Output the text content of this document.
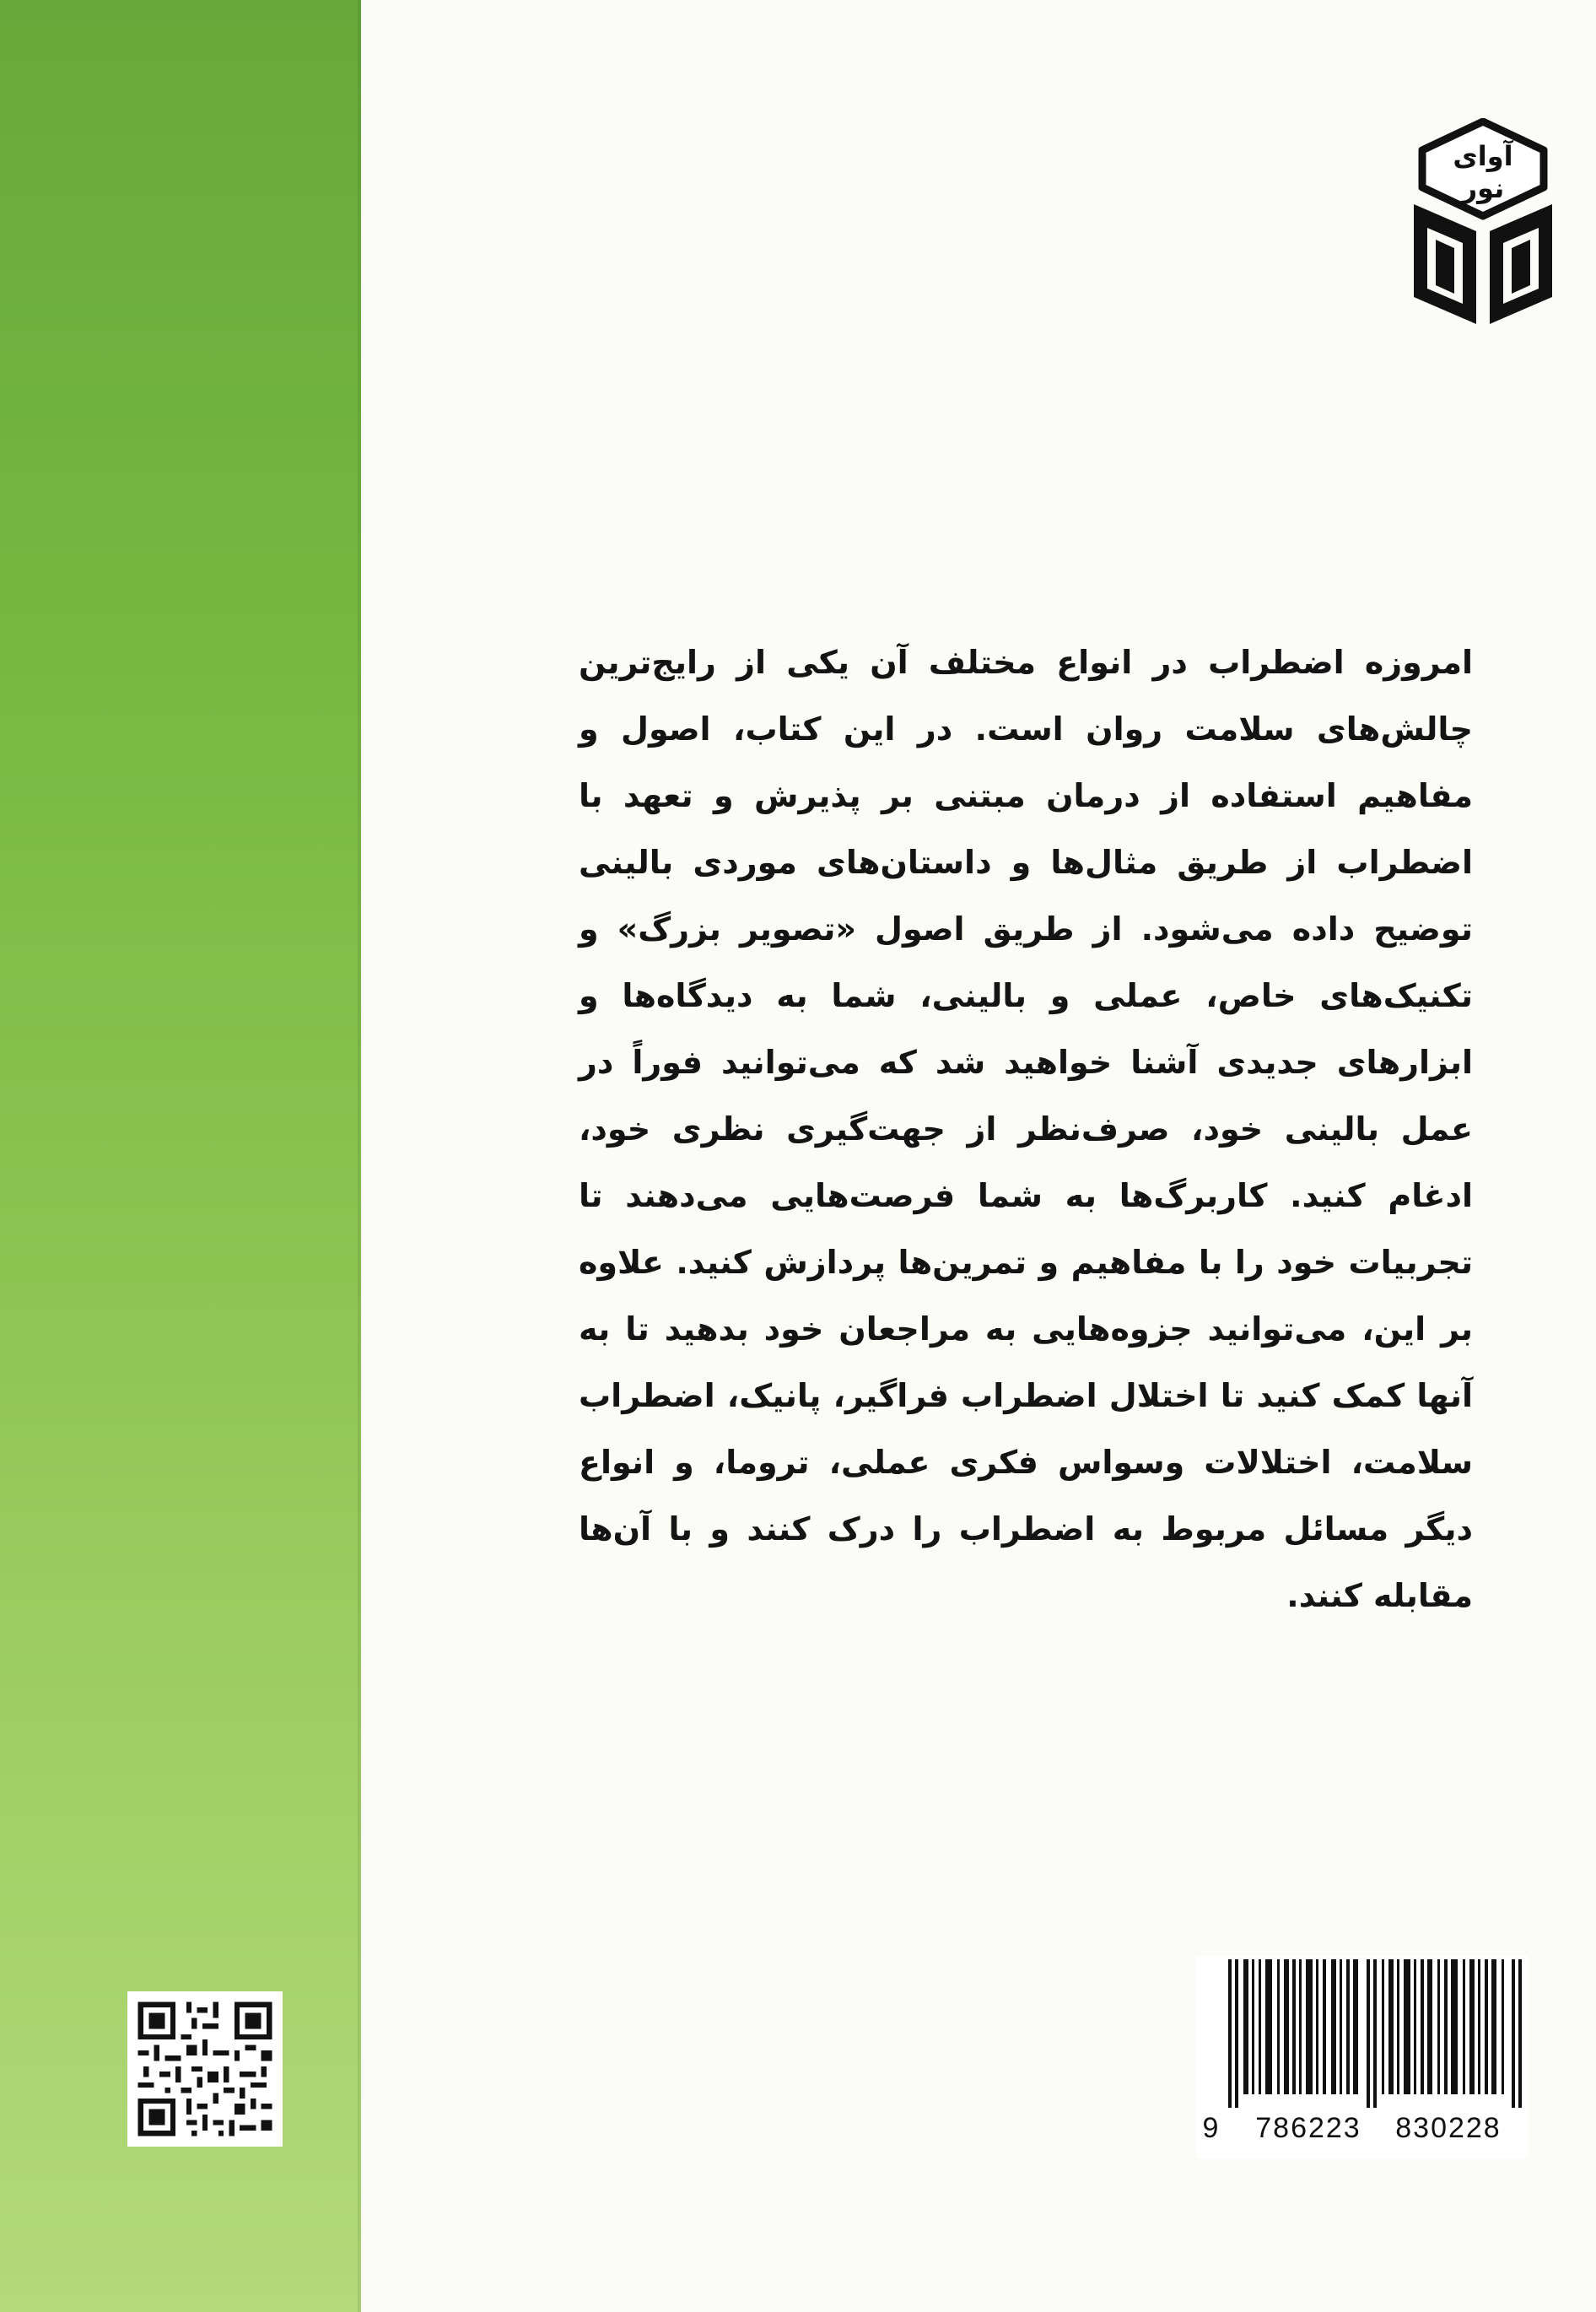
آوای
نور

امروزه اضطراب در انواع مختلف آن یکی از رایج‌ترین چالش‌های سلامت روان است. در این کتاب، اصول و مفاهیم استفاده از درمان مبتنی بر پذیرش و تعهد با اضطراب از طریق مثال‌ها و داستان‌های موردی بالینی توضیح داده می‌شود. از طریق اصول «تصویر بزرگ» و تکنیک‌های خاص، عملی و بالینی، شما به دیدگاه‌ها و ابزارهای جدیدی آشنا خواهید شد که می‌توانید فوراً در عمل بالینی خود، صرف‌نظر از جهت‌گیری نظری خود، ادغام کنید. کاربرگ‌ها به شما فرصت‌هایی می‌دهند تا تجربیات خود را با مفاهیم و تمرین‌ها پردازش کنید. علاوه بر این، می‌توانید جزوه‌هایی به مراجعان خود بدهید تا به آنها کمک کنید تا اختلال اضطراب فراگیر، پانیک، اضطراب سلامت، اختلالات وسواس فکری عملی، تروما، و انواع دیگر مسائل مربوط به اضطراب را درک کنند و با آن‌ها مقابله کنند.

9	786223	830228
